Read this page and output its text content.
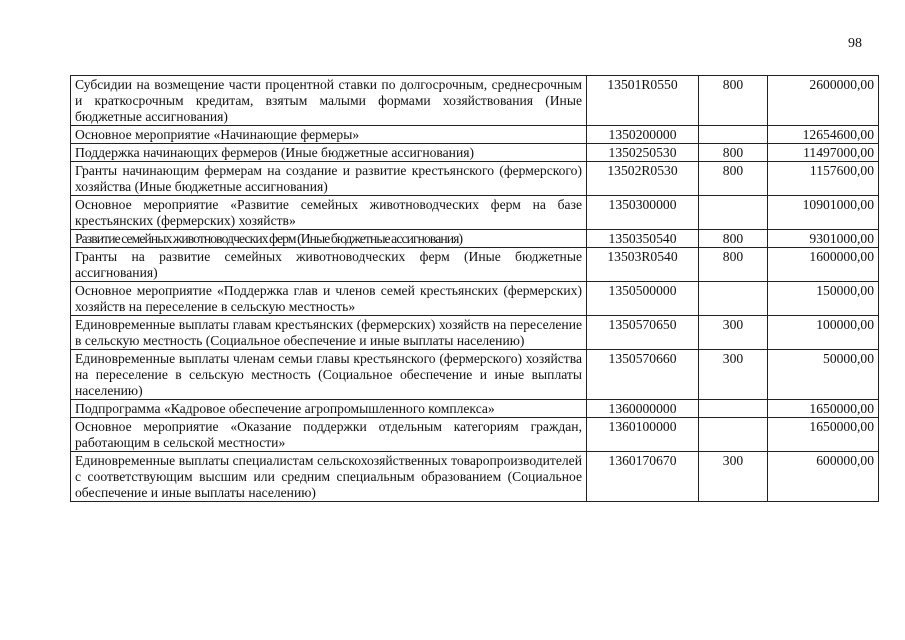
98
Субсидии на возмещение части процентной ставки по долгосрочным, среднесрочным и краткосрочным кредитам, взятым малыми формами хозяйствования (Иные бюджетные ассигнования)	13501R0550	800	2600000,00
Основное мероприятие «Начинающие фермеры»	1350200000		12654600,00
Поддержка начинающих фермеров (Иные бюджетные ассигнования)	1350250530	800	11497000,00
Гранты начинающим фермерам на создание и развитие крестьянского (фермерского) хозяйства (Иные бюджетные ассигнования)	13502R0530	800	1157600,00
Основное мероприятие «Развитие семейных животноводческих ферм на базе крестьянских (фермерских) хозяйств»	1350300000		10901000,00
Развитие семейных животноводческих ферм (Иные бюджетные ассигнования)	1350350540	800	9301000,00
Гранты на развитие семейных животноводческих ферм (Иные бюджетные ассигнования)	13503R0540	800	1600000,00
Основное мероприятие «Поддержка глав и членов семей крестьянских (фермерских) хозяйств на переселение в сельскую местность»	1350500000		150000,00
Единовременные выплаты главам крестьянских (фермерских) хозяйств на переселение в сельскую местность (Социальное обеспечение и иные выплаты населению)	1350570650	300	100000,00
Единовременные выплаты членам семьи главы крестьянского (фермерского) хозяйства на переселение в сельскую местность (Социальное обеспечение и иные выплаты населению)	1350570660	300	50000,00
Подпрограмма «Кадровое обеспечение агропромышленного комплекса»	1360000000		1650000,00
Основное мероприятие «Оказание поддержки отдельным категориям граждан, работающим в сельской местности»	1360100000		1650000,00
Единовременные выплаты специалистам сельскохозяйственных товаропроизводителей с соответствующим высшим или средним специальным образованием (Социальное обеспечение и иные выплаты населению)	1360170670	300	600000,00
